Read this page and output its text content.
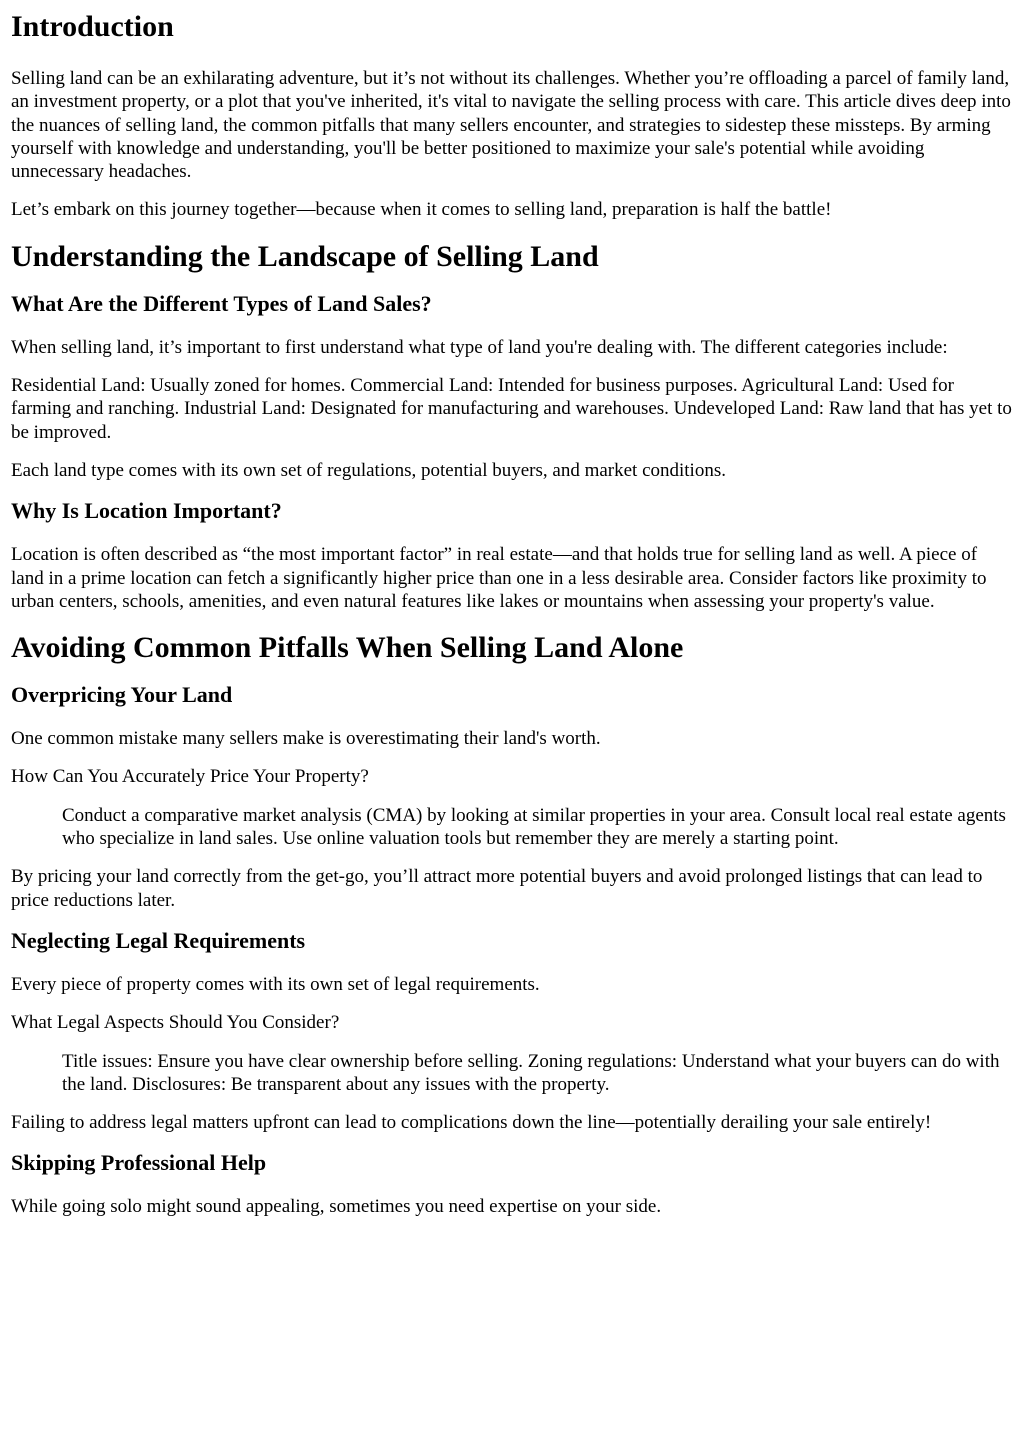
Introduction

Selling land can be an exhilarating adventure, but it’s not without its challenges. Whether you’re offloading a parcel of family land, an investment property, or a plot that you've inherited, it's vital to navigate the selling process with care. This article dives deep into the nuances of selling land, the common pitfalls that many sellers encounter, and strategies to sidestep these missteps. By arming yourself with knowledge and understanding, you'll be better positioned to maximize your sale's potential while avoiding unnecessary headaches.

Let’s embark on this journey together—because when it comes to selling land, preparation is half the battle!

Understanding the Landscape of Selling Land
What Are the Different Types of Land Sales?

When selling land, it’s important to first understand what type of land you're dealing with. The different categories include:

Residential Land: Usually zoned for homes. Commercial Land: Intended for business purposes. Agricultural Land: Used for farming and ranching. Industrial Land: Designated for manufacturing and warehouses. Undeveloped Land: Raw land that has yet to be improved.

Each land type comes with its own set of regulations, potential buyers, and market conditions.

Why Is Location Important?

Location is often described as “the most important factor” in real estate—and that holds true for selling land as well. A piece of land in a prime location can fetch a significantly higher price than one in a less desirable area. Consider factors like proximity to urban centers, schools, amenities, and even natural features like lakes or mountains when assessing your property's value.

Avoiding Common Pitfalls When Selling Land Alone
Overpricing Your Land

One common mistake many sellers make is overestimating their land's worth.

How Can You Accurately Price Your Property?

Conduct a comparative market analysis (CMA) by looking at similar properties in your area. Consult local real estate agents who specialize in land sales. Use online valuation tools but remember they are merely a starting point.

By pricing your land correctly from the get-go, you’ll attract more potential buyers and avoid prolonged listings that can lead to price reductions later.

Neglecting Legal Requirements

Every piece of property comes with its own set of legal requirements.

What Legal Aspects Should You Consider?

Title issues: Ensure you have clear ownership before selling. Zoning regulations: Understand what your buyers can do with the land. Disclosures: Be transparent about any issues with the property.

Failing to address legal matters upfront can lead to complications down the line—potentially derailing your sale entirely!

Skipping Professional Help

While going solo might sound appealing, sometimes you need expertise on your side.
